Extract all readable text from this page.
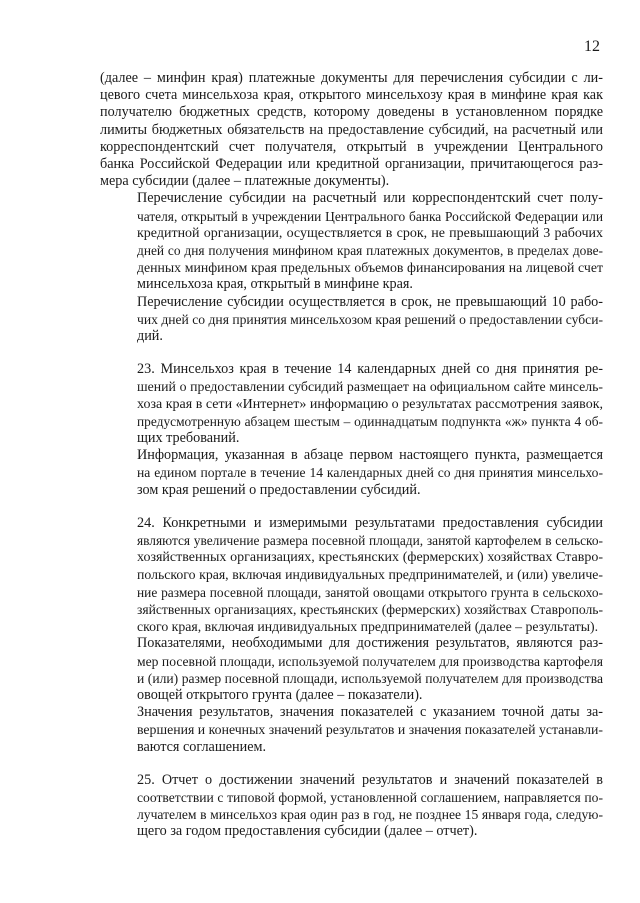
12

(далее – минфин края) платежные документы для перечисления субсидии с ли-
цевого счета минсельхоза края, открытого минсельхозу края в минфине края как
получателю бюджетных средств, которому доведены в установленном порядке
лимиты бюджетных обязательств на предоставление субсидий, на расчетный или
корреспондентский счет получателя, открытый в учреждении Центрального
банка Российской Федерации или кредитной организации, причитающегося раз-
мера субсидии (далее – платежные документы).

Перечисление субсидии на расчетный или корреспондентский счет полу-
чателя, открытый в учреждении Центрального банка Российской Федерации или
кредитной организации, осуществляется в срок, не превышающий 3 рабочих
дней со дня получения минфином края платежных документов, в пределах дове-
денных минфином края предельных объемов финансирования на лицевой счет
минсельхоза края, открытый в минфине края.

Перечисление субсидии осуществляется в срок, не превышающий 10 рабо-
чих дней со дня принятия минсельхозом края решений о предоставлении субси-
дий.

23. Минсельхоз края в течение 14 календарных дней со дня принятия ре-
шений о предоставлении субсидий размещает на официальном сайте минсель-
хоза края в сети «Интернет» информацию о результатах рассмотрения заявок,
предусмотренную абзацем шестым – одиннадцатым подпункта «ж» пункта 4 об-
щих требований.

Информация, указанная в абзаце первом настоящего пункта, размещается
на едином портале в течение 14 календарных дней со дня принятия минсельхо-
зом края решений о предоставлении субсидий.

24. Конкретными и измеримыми результатами предоставления субсидии
являются увеличение размера посевной площади, занятой картофелем в сельско-
хозяйственных организациях, крестьянских (фермерских) хозяйствах Ставро-
польского края, включая индивидуальных предпринимателей, и (или) увеличе-
ние размера посевной площади, занятой овощами открытого грунта в сельскохо-
зяйственных организациях, крестьянских (фермерских) хозяйствах Ставрополь-
ского края, включая индивидуальных предпринимателей (далее – результаты).

Показателями, необходимыми для достижения результатов, являются раз-
мер посевной площади, используемой получателем для производства картофеля
и (или) размер посевной площади, используемой получателем для производства
овощей открытого грунта (далее – показатели).

Значения результатов, значения показателей с указанием точной даты за-
вершения и конечных значений результатов и значения показателей устанавли-
ваются соглашением.

25. Отчет о достижении значений результатов и значений показателей в
соответствии с типовой формой, установленной соглашением, направляется по-
лучателем в минсельхоз края один раз в год, не позднее 15 января года, следую-
щего за годом предоставления субсидии (далее – отчет).
